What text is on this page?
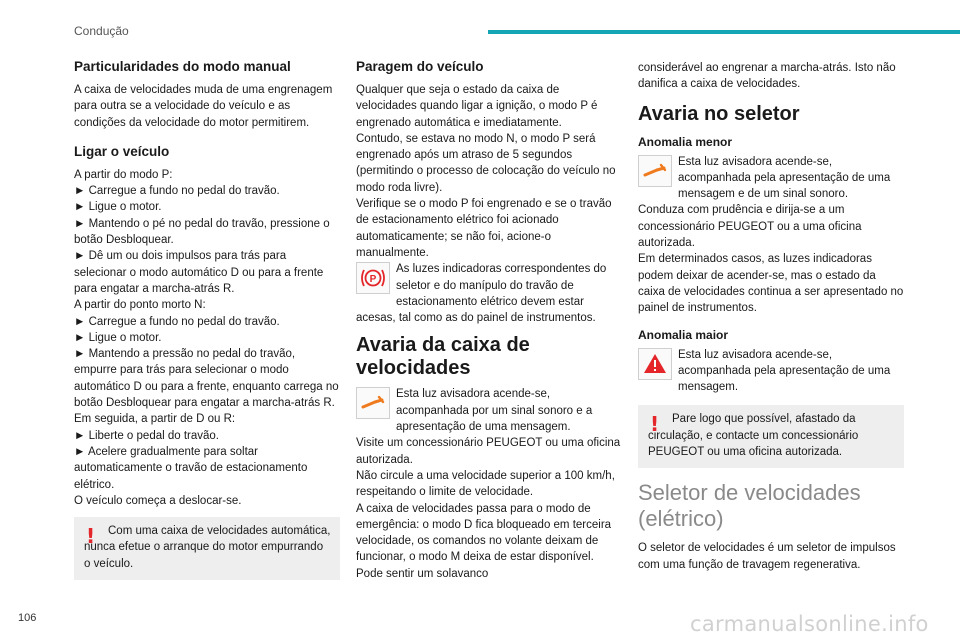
Condução
Particularidades do modo manual
A caixa de velocidades muda de uma engrenagem para outra se a velocidade do veículo e as condições da velocidade do motor permitirem.
Ligar o veículo
A partir do modo P:
► Carregue a fundo no pedal do travão.
► Ligue o motor.
► Mantendo o pé no pedal do travão, pressione o botão Desbloquear.
► Dê um ou dois impulsos para trás para selecionar o modo automático D ou para a frente para engatar a marcha-atrás R.
A partir do ponto morto N:
► Carregue a fundo no pedal do travão.
► Ligue o motor.
► Mantendo a pressão no pedal do travão, empurre para trás para selecionar o modo automático D ou para a frente, enquanto carrega no botão Desbloquear para engatar a marcha-atrás R.
Em seguida, a partir de D ou R:
► Liberte o pedal do travão.
► Acelere gradualmente para soltar automaticamente o travão de estacionamento elétrico.
O veículo começa a deslocar-se.
!	Com uma caixa de velocidades automática, nunca efetue o arranque do motor empurrando o veículo.
Paragem do veículo
Qualquer que seja o estado da caixa de velocidades quando ligar a ignição, o modo P é engrenado automática e imediatamente.
Contudo, se estava no modo N, o modo P será engrenado após um atraso de 5 segundos (permitindo o processo de colocação do veículo no modo roda livre).
Verifique se o modo P foi engrenado e se o travão de estacionamento elétrico foi acionado automaticamente; se não foi, acione-o manualmente.
P
As luzes indicadoras correspondentes do seletor e do manípulo do travão de estacionamento elétrico devem estar acesas, tal como as do painel de instrumentos.
Avaria da caixa de velocidades
Esta luz avisadora acende-se, acompanhada por um sinal sonoro e a apresentação de uma mensagem.
Visite um concessionário PEUGEOT ou uma oficina autorizada.
Não circule a uma velocidade superior a 100 km/h, respeitando o limite de velocidade.
A caixa de velocidades passa para o modo de emergência: o modo D fica bloqueado em terceira velocidade, os comandos no volante deixam de funcionar, o modo M deixa de estar disponível. Pode sentir um solavanco
considerável ao engrenar a marcha-atrás. Isto não danifica a caixa de velocidades.
Avaria no seletor
Anomalia menor
Esta luz avisadora acende-se, acompanhada pela apresentação de uma mensagem e de um sinal sonoro.
Conduza com prudência e dirija-se a um concessionário PEUGEOT ou a uma oficina autorizada.
Em determinados casos, as luzes indicadoras podem deixar de acender-se, mas o estado da caixa de velocidades continua a ser apresentado no painel de instrumentos.
Anomalia maior
Esta luz avisadora acende-se, acompanhada pela apresentação de uma mensagem.
!	Pare logo que possível, afastado da circulação, e contacte um concessionário PEUGEOT ou uma oficina autorizada.
Seletor de velocidades (elétrico)
O seletor de velocidades é um seletor de impulsos com uma função de travagem regenerativa.
106	carmanualsonline.info
